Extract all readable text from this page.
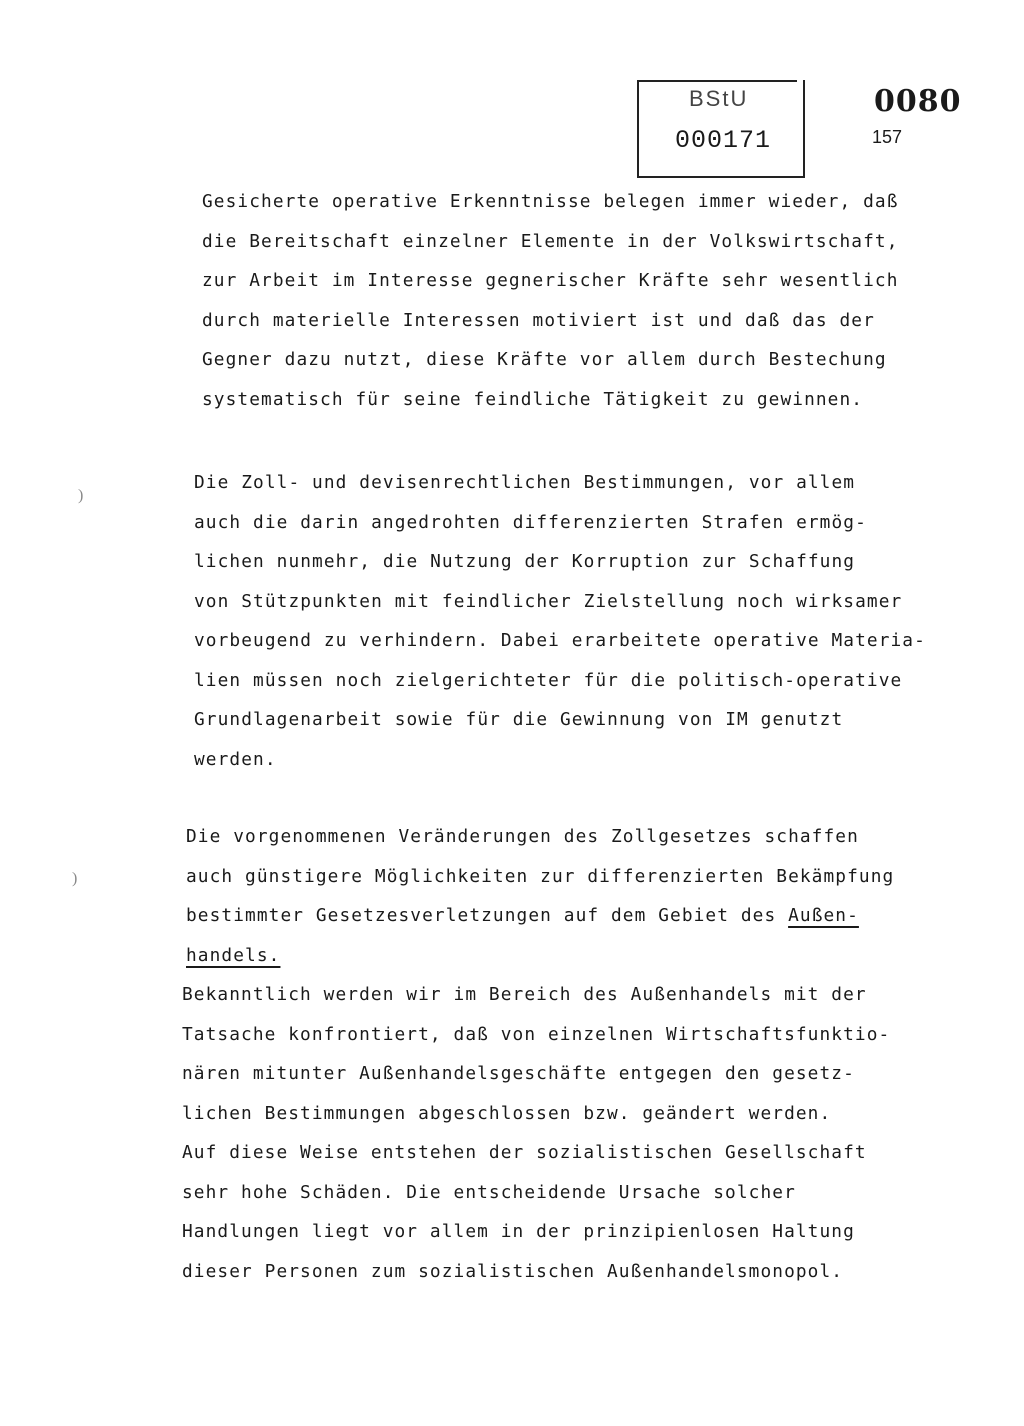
BStU
000171
0080
157
)
)
Gesicherte operative Erkenntnisse belegen immer wieder, daß
die Bereitschaft einzelner Elemente in der Volkswirtschaft,
zur Arbeit im Interesse gegnerischer Kräfte sehr wesentlich
durch materielle Interessen motiviert ist und daß das der
Gegner dazu nutzt, diese Kräfte vor allem durch Bestechung
systematisch für seine feindliche Tätigkeit zu gewinnen.
Die Zoll- und devisenrechtlichen Bestimmungen, vor allem
auch die darin angedrohten differenzierten Strafen ermög-
lichen nunmehr, die Nutzung der Korruption zur Schaffung
von Stützpunkten mit feindlicher Zielstellung noch wirksamer
vorbeugend zu verhindern. Dabei erarbeitete operative Materia-
lien müssen noch zielgerichteter für die politisch-operative
Grundlagenarbeit sowie für die Gewinnung von IM genutzt
werden.
Die vorgenommenen Veränderungen des Zollgesetzes schaffen
auch günstigere Möglichkeiten zur differenzierten Bekämpfung
bestimmter Gesetzesverletzungen auf dem Gebiet des Außen-
handels.
Bekanntlich werden wir im Bereich des Außenhandels mit der
Tatsache konfrontiert, daß von einzelnen Wirtschaftsfunktio-
nären mitunter Außenhandelsgeschäfte entgegen den gesetz-
lichen Bestimmungen abgeschlossen bzw. geändert werden.
Auf diese Weise entstehen der sozialistischen Gesellschaft
sehr hohe Schäden. Die entscheidende Ursache solcher
Handlungen liegt vor allem in der prinzipienlosen Haltung
dieser Personen zum sozialistischen Außenhandelsmonopol.
